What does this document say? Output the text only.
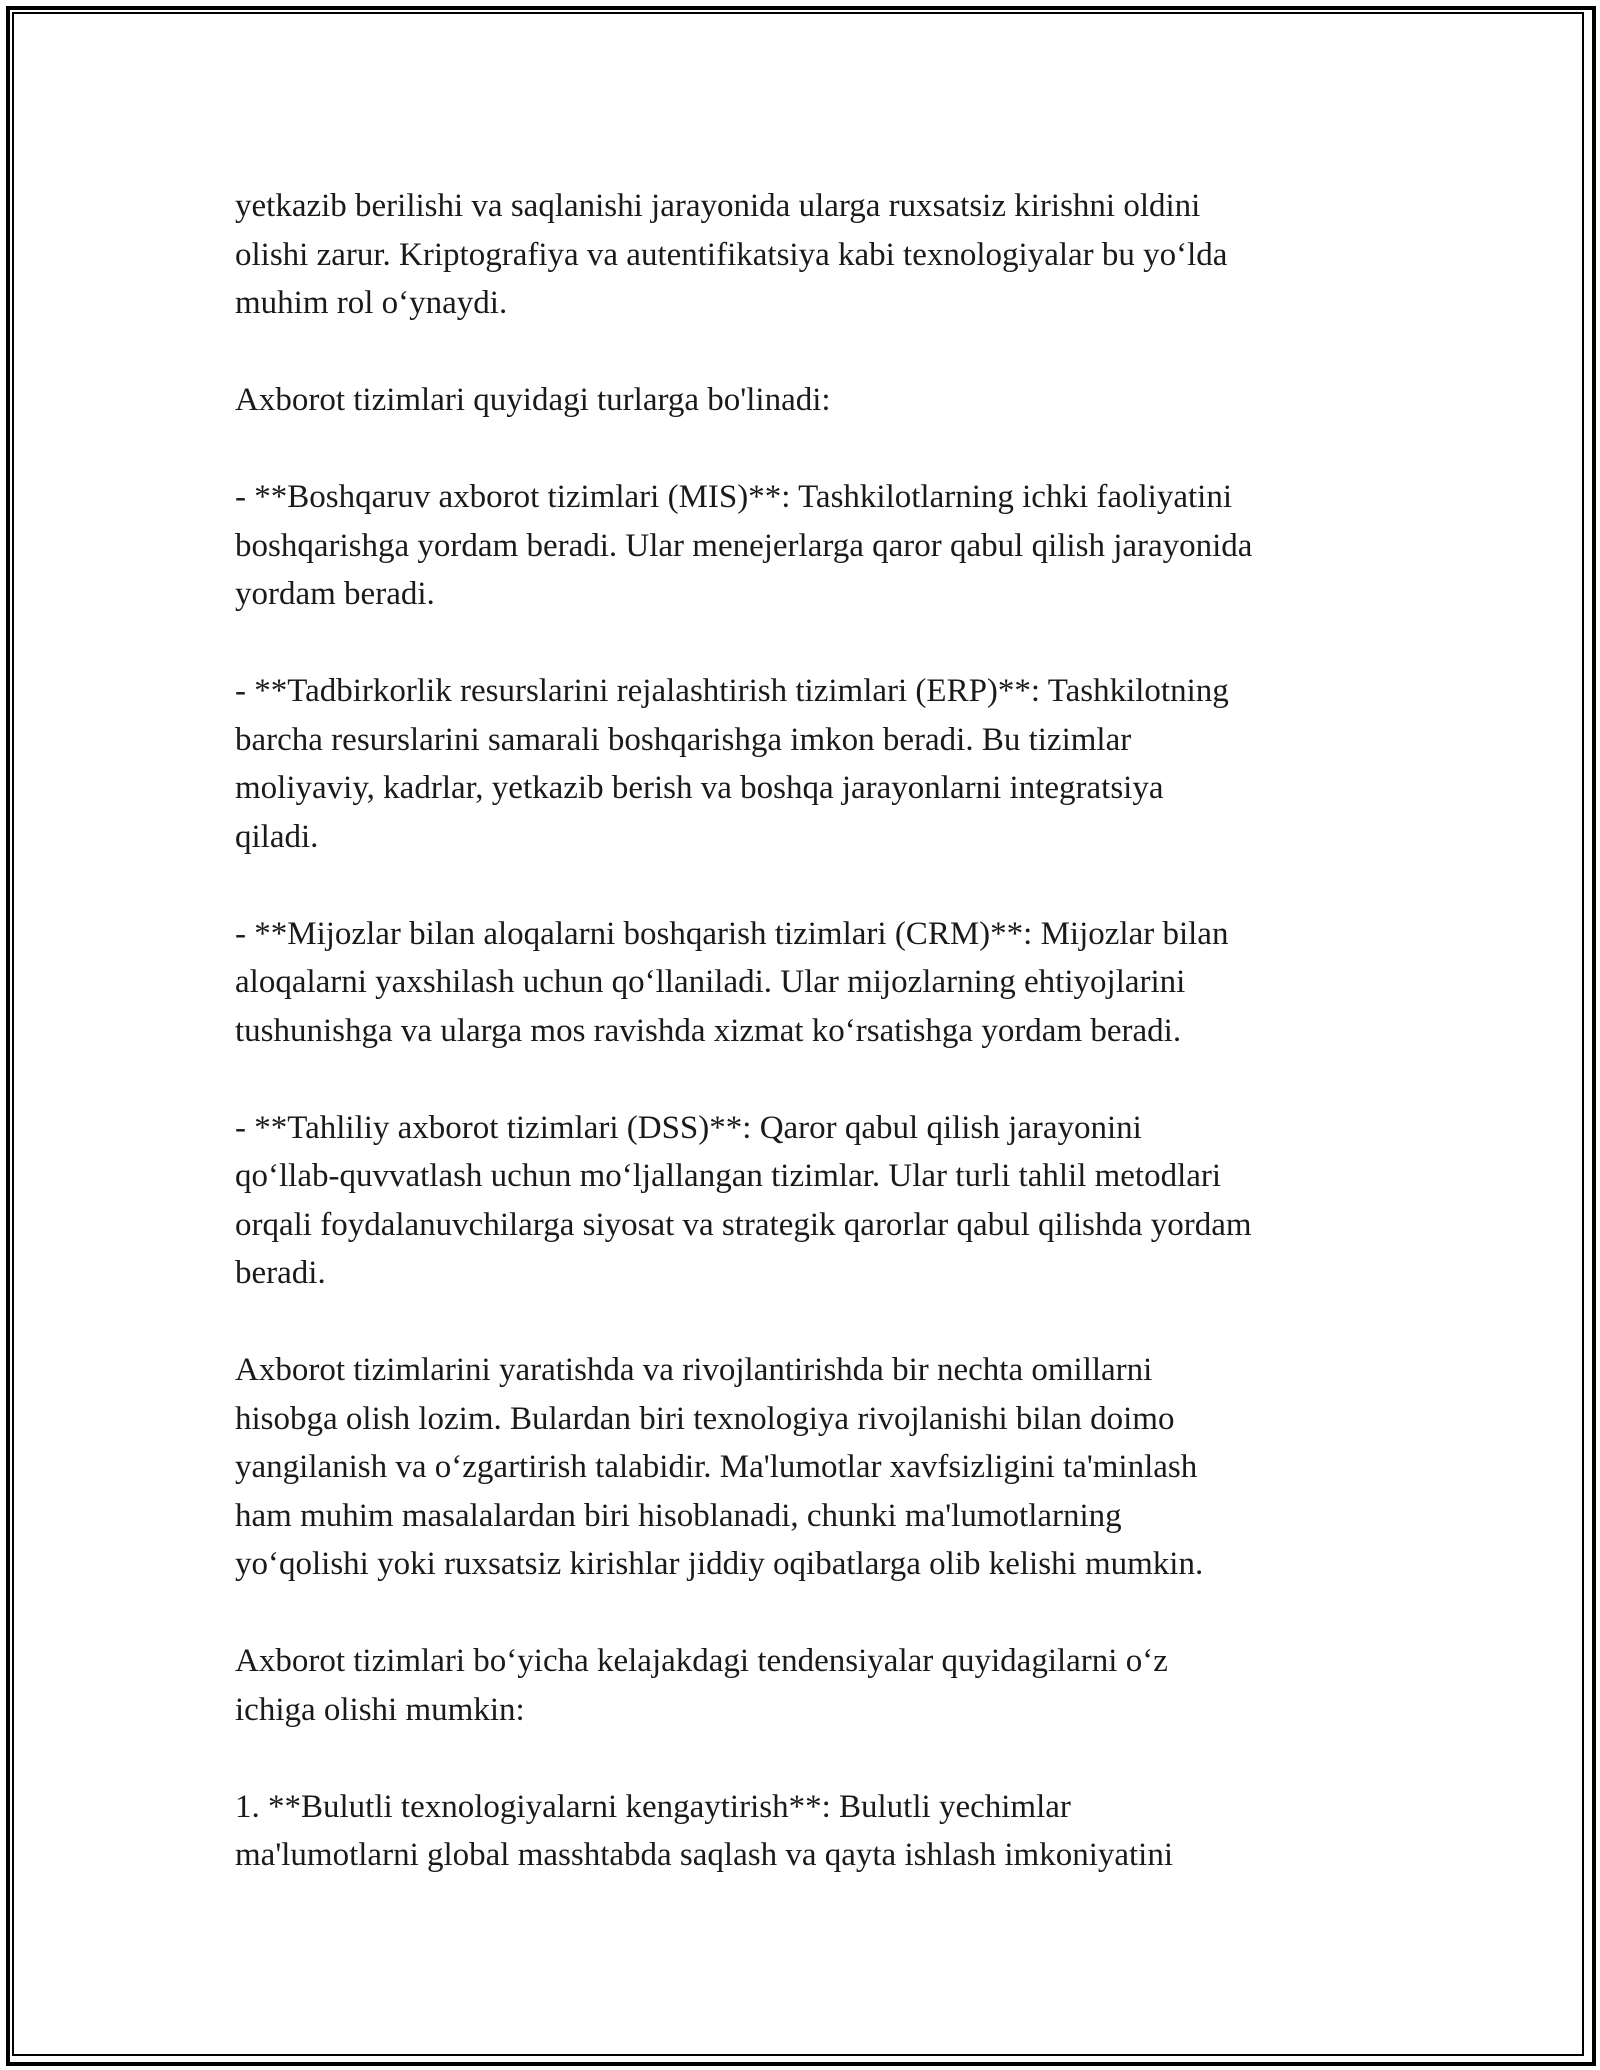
yetkazib berilishi va saqlanishi jarayonida ularga ruxsatsiz kirishni oldini
olishi zarur. Kriptografiya va autentifikatsiya kabi texnologiyalar bu yo‘lda
muhim rol o‘ynaydi.

Axborot tizimlari quyidagi turlarga bo'linadi:

- **Boshqaruv axborot tizimlari (MIS)**: Tashkilotlarning ichki faoliyatini
boshqarishga yordam beradi. Ular menejerlarga qaror qabul qilish jarayonida
yordam beradi.

- **Tadbirkorlik resurslarini rejalashtirish tizimlari (ERP)**: Tashkilotning
barcha resurslarini samarali boshqarishga imkon beradi. Bu tizimlar
moliyaviy, kadrlar, yetkazib berish va boshqa jarayonlarni integratsiya
qiladi.

- **Mijozlar bilan aloqalarni boshqarish tizimlari (CRM)**: Mijozlar bilan
aloqalarni yaxshilash uchun qo‘llaniladi. Ular mijozlarning ehtiyojlarini
tushunishga va ularga mos ravishda xizmat ko‘rsatishga yordam beradi.

- **Tahliliy axborot tizimlari (DSS)**: Qaror qabul qilish jarayonini
qo‘llab-quvvatlash uchun mo‘ljallangan tizimlar. Ular turli tahlil metodlari
orqali foydalanuvchilarga siyosat va strategik qarorlar qabul qilishda yordam
beradi.

Axborot tizimlarini yaratishda va rivojlantirishda bir nechta omillarni
hisobga olish lozim. Bulardan biri texnologiya rivojlanishi bilan doimo
yangilanish va o‘zgartirish talabidir. Ma'lumotlar xavfsizligini ta'minlash
ham muhim masalalardan biri hisoblanadi, chunki ma'lumotlarning
yo‘qolishi yoki ruxsatsiz kirishlar jiddiy oqibatlarga olib kelishi mumkin.

Axborot tizimlari bo‘yicha kelajakdagi tendensiyalar quyidagilarni o‘z
ichiga olishi mumkin:

1. **Bulutli texnologiyalarni kengaytirish**: Bulutli yechimlar
ma'lumotlarni global masshtabda saqlash va qayta ishlash imkoniyatini
